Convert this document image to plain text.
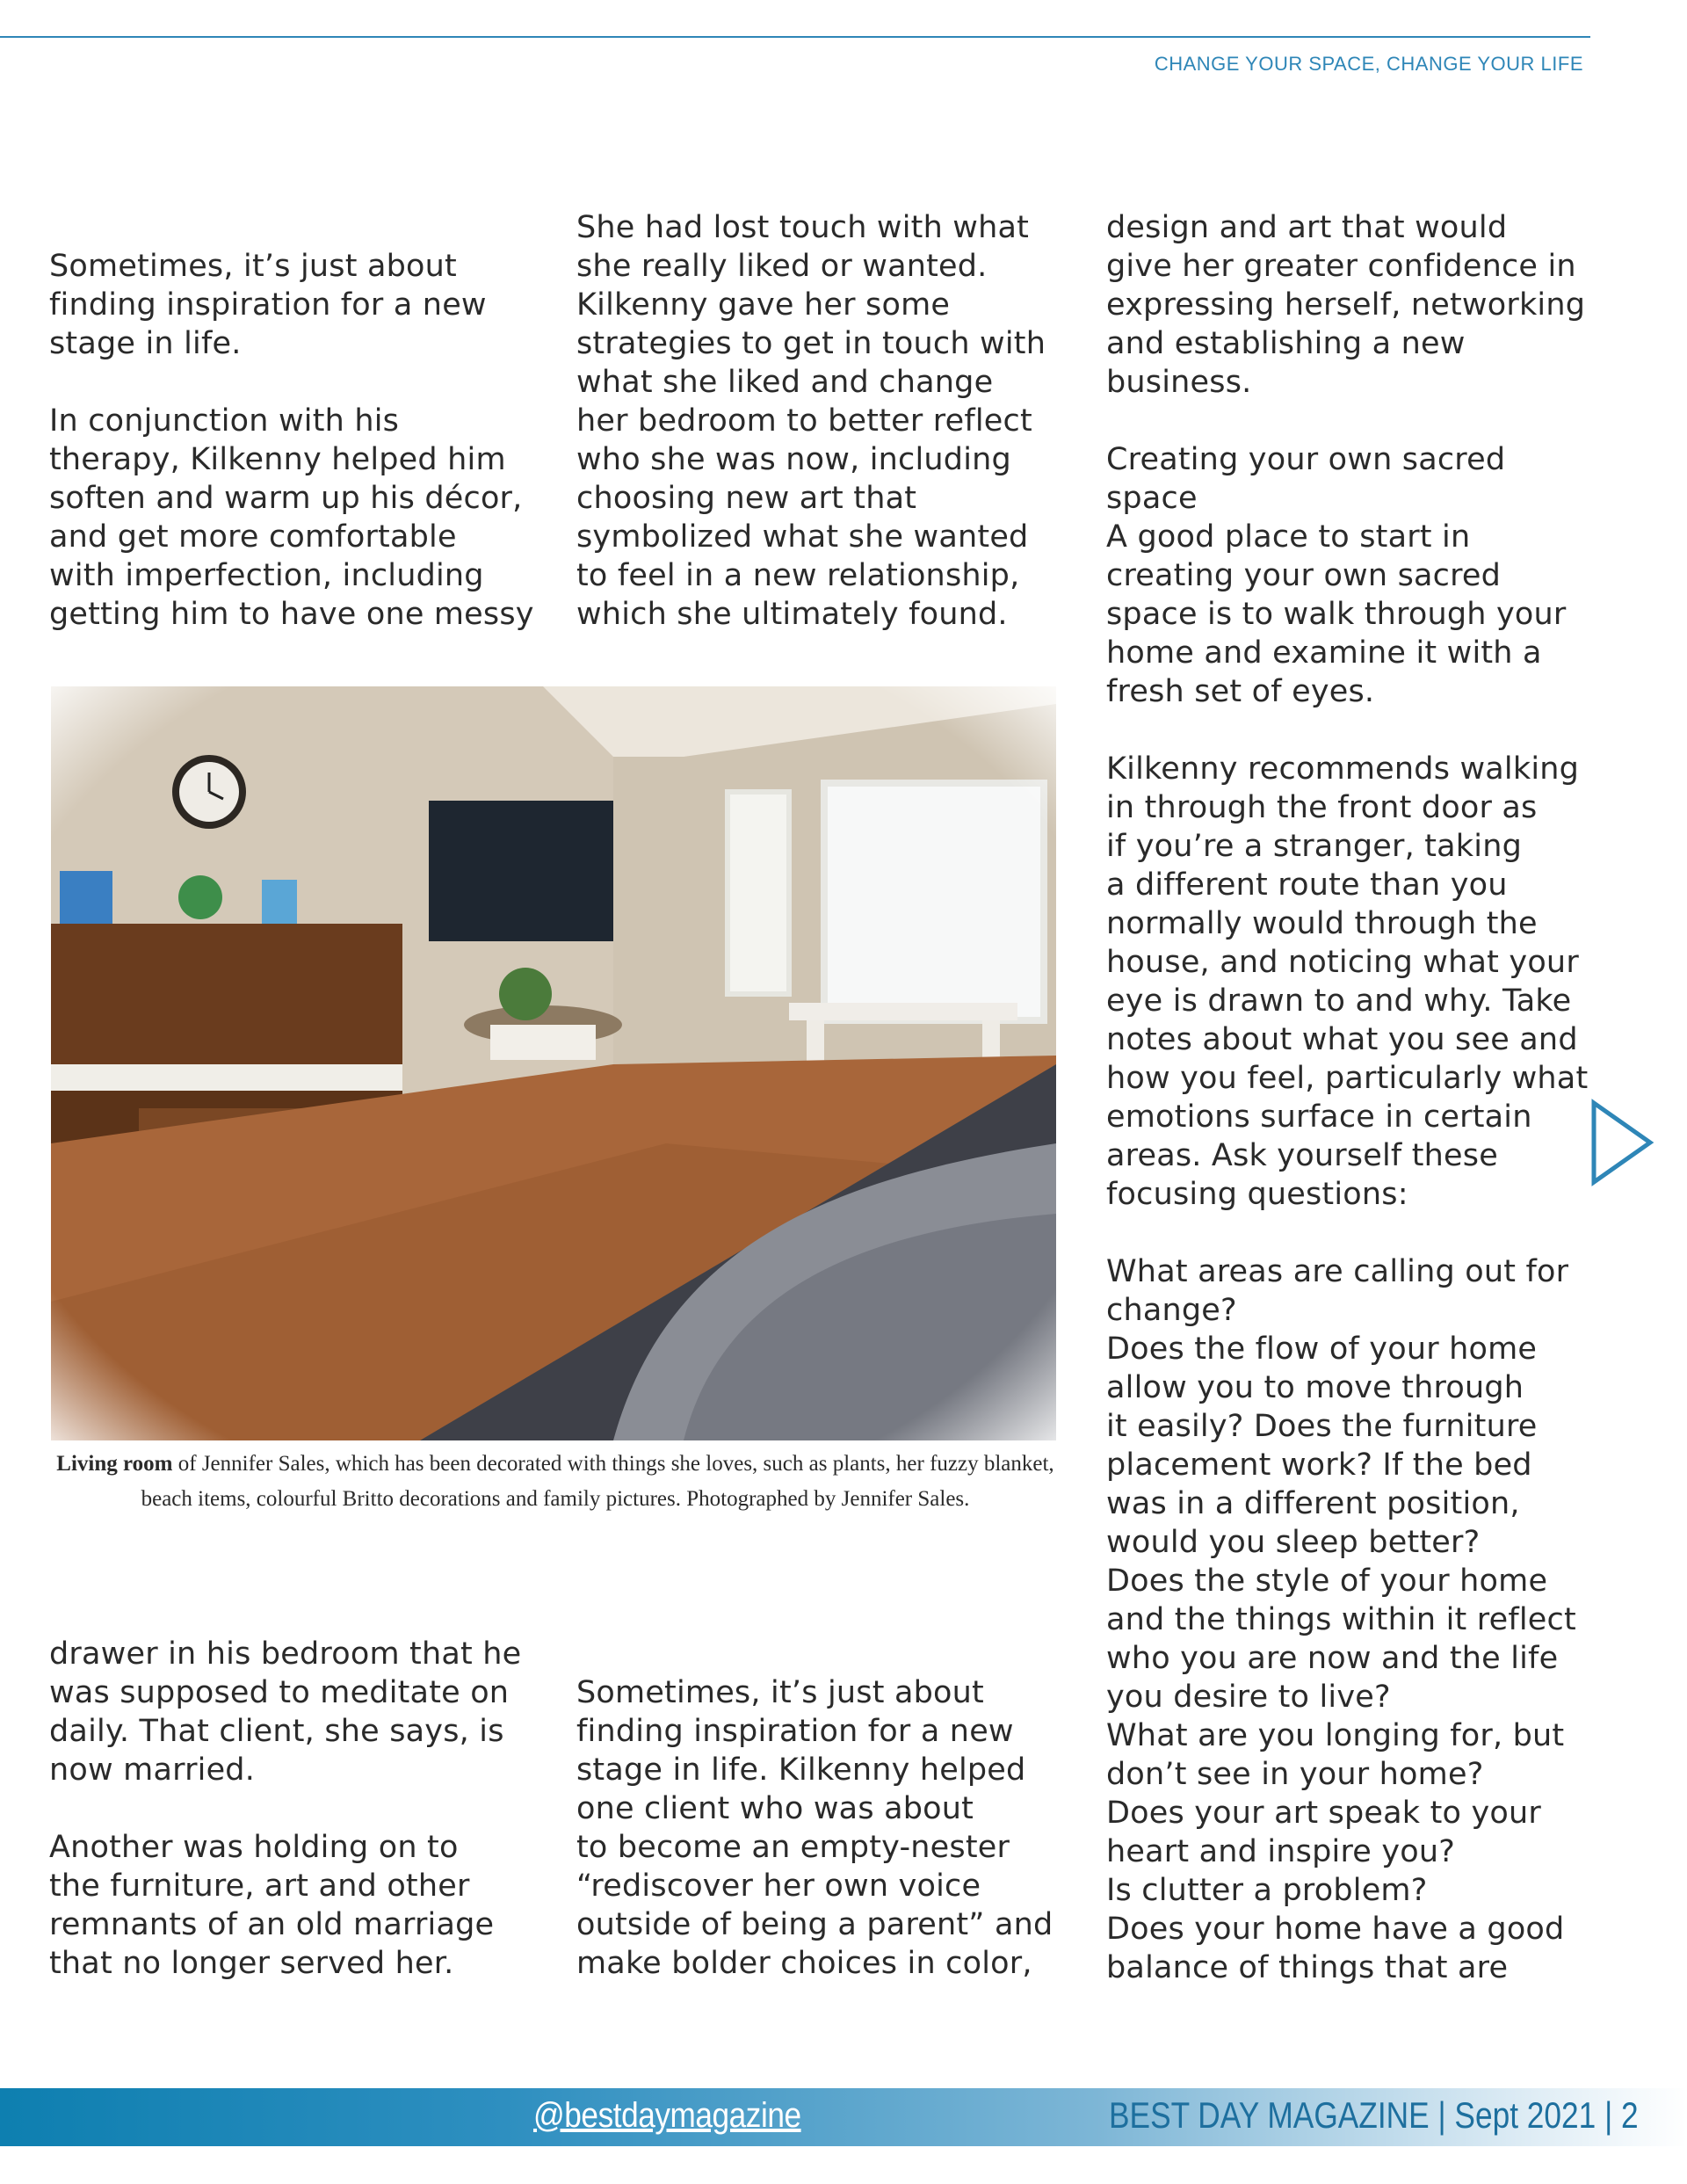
CHANGE YOUR SPACE, CHANGE YOUR LIFE
Sometimes, it’s just about
finding inspiration for a new
stage in life.

In conjunction with his
therapy, Kilkenny helped him
soften and warm up his décor,
and get more comfortable
with imperfection, including
getting him to have one messy
She had lost touch with what
she really liked or wanted.
Kilkenny gave her some
strategies to get in touch with
what she liked and change
her bedroom to better reflect
who she was now, including
choosing new art that
symbolized what she wanted
to feel in a new relationship,
which she ultimately found.
design and art that would
give her greater confidence in
expressing herself, networking
and establishing a new
business.

Creating your own sacred
space
A good place to start in
creating your own sacred
space is to walk through your
home and examine it with a
fresh set of eyes.

Kilkenny recommends walking
in through the front door as
if you’re a stranger, taking
a different route than you
normally would through the
house, and noticing what your
eye is drawn to and why. Take
notes about what you see and
how you feel, particularly what
emotions surface in certain
areas. Ask yourself these
focusing questions:

What areas are calling out for
change?
Does the flow of your home
allow you to move through
it easily? Does the furniture
placement work? If the bed
was in a different position,
would you sleep better?
Does the style of your home
and the things within it reflect
who you are now and the life
you desire to live?
What are you longing for, but
don’t see in your home?
Does your art speak to your
heart and inspire you?
Is clutter a problem?
Does your home have a good
balance of things that are
Living room of Jennifer Sales, which has been decorated with things she loves, such as plants, her fuzzy blanket, beach items, colourful Britto decorations and family pictures. Photographed by Jennifer Sales.
drawer in his bedroom that he
was supposed to meditate on
daily. That client, she says, is
now married.

Another was holding on to
the furniture, art and other
remnants of an old marriage
that no longer served her.
Sometimes, it’s just about
finding inspiration for a new
stage in life. Kilkenny helped
one client who was about
to become an empty-nester
“rediscover her own voice
outside of being a parent” and
make bolder choices in color,
@bestdaymagazine	BEST DAY MAGAZINE | Sept 2021 | 2
